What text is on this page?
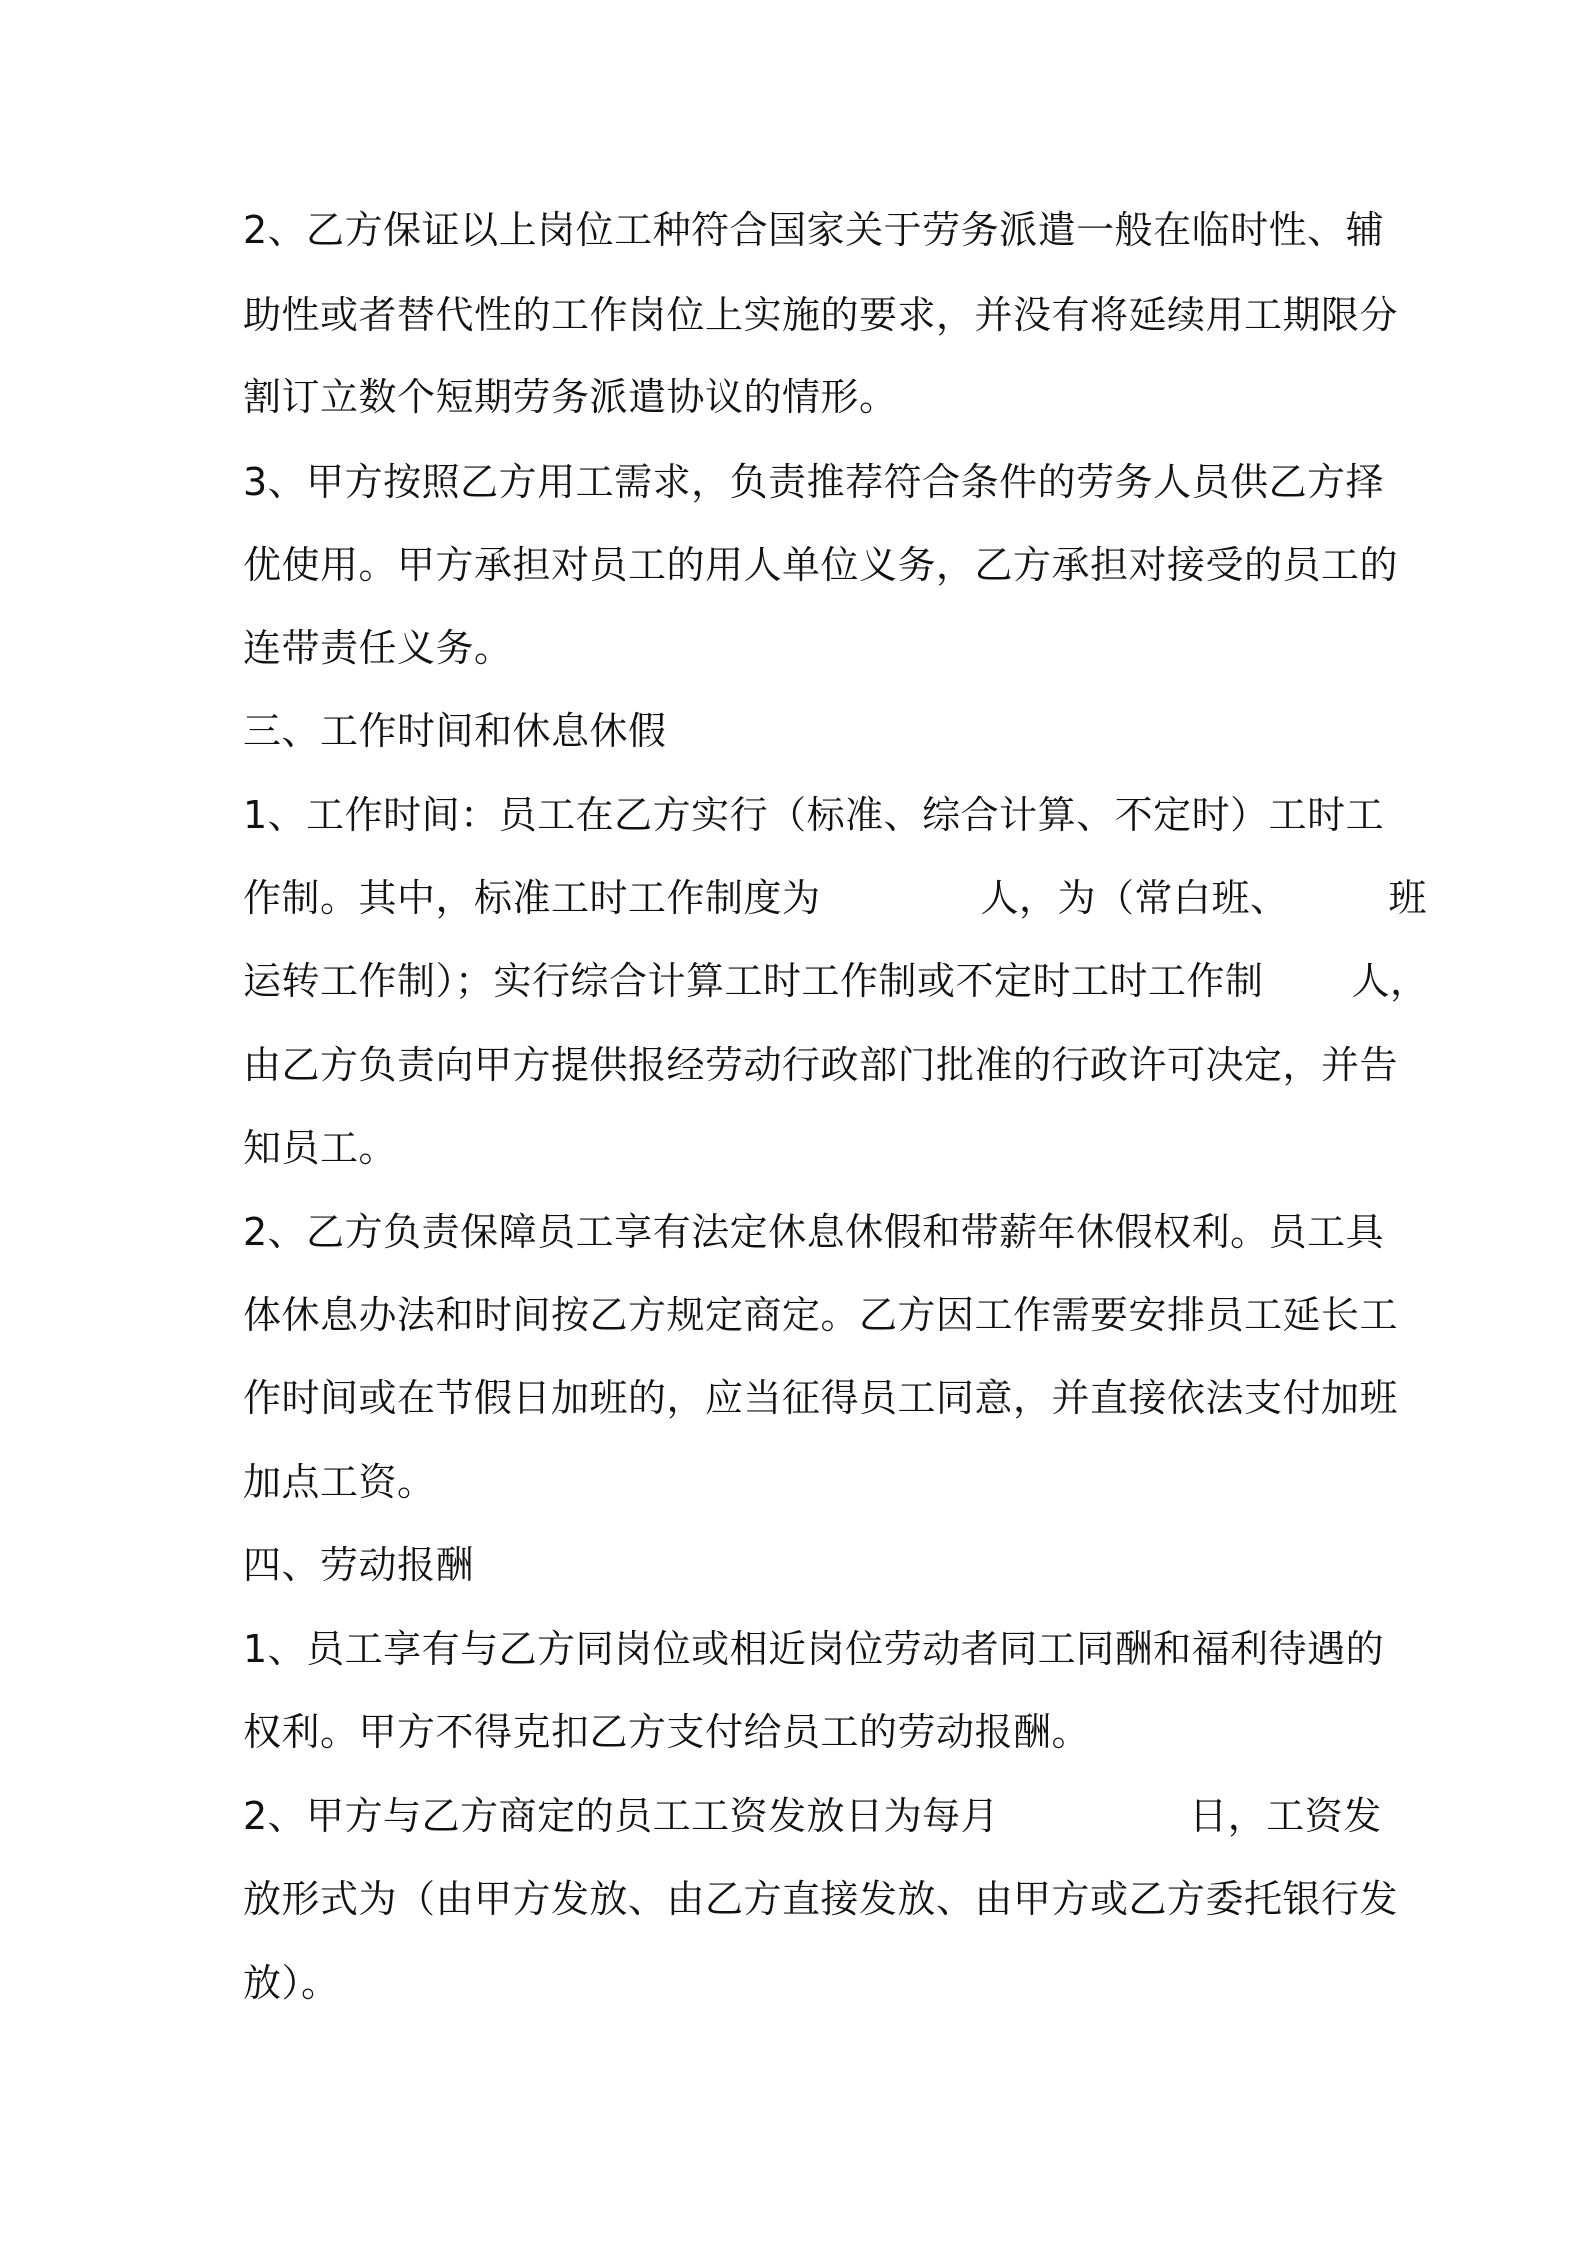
2、乙方保证以上岗位工种符合国家关于劳务派遣一般在临时性、辅
助性或者替代性的工作岗位上实施的要求，并没有将延续用工期限分
割订立数个短期劳务派遣协议的情形。
3、甲方按照乙方用工需求，负责推荐符合条件的劳务人员供乙方择
优使用。甲方承担对员工的用人单位义务，乙方承担对接受的员工的
连带责任义务。
三、工作时间和休息休假
1、工作时间：员工在乙方实行（标准、综合计算、不定时）工时工
作制。其中，标准工时工作制度为	人，为（常白班、	班
运转工作制）；实行综合计算工时工作制或不定时工时工作制 人，
由乙方负责向甲方提供报经劳动行政部门批准的行政许可决定，并告
知员工。
2、乙方负责保障员工享有法定休息休假和带薪年休假权利。员工具
体休息办法和时间按乙方规定商定。乙方因工作需要安排员工延长工
作时间或在节假日加班的，应当征得员工同意，并直接依法支付加班
加点工资。
四、劳动报酬
1、员工享有与乙方同岗位或相近岗位劳动者同工同酬和福利待遇的
权利。甲方不得克扣乙方支付给员工的劳动报酬。
2、甲方与乙方商定的员工工资发放日为每月	日，工资发
放形式为（由甲方发放、由乙方直接发放、由甲方或乙方委托银行发
放）。
